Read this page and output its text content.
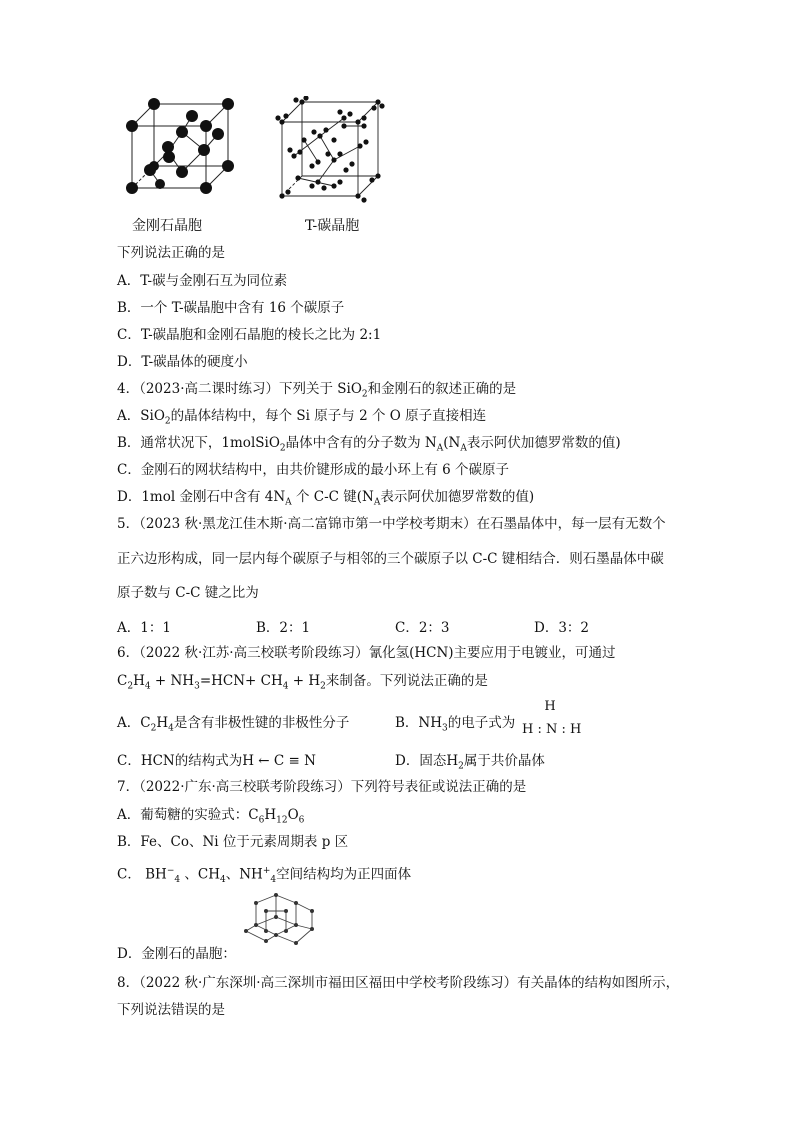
金刚石晶胞	T-碳晶胞
下列说法正确的是
A．T-碳与金刚石互为同位素
B．一个 T-碳晶胞中含有 16 个碳原子
C．T-碳晶胞和金刚石晶胞的棱长之比为 2:1
D．T-碳晶体的硬度小
4．（2023·高二课时练习）下列关于 SiO$_2$和金刚石的叙述正确的是
A．SiO$_2$的晶体结构中，每个 Si 原子与 2 个 O 原子直接相连
B．通常状况下，1molSiO$_2$晶体中含有的分子数为 $N_A(N_A$表示阿伏加德罗常数的值)
C．金刚石的网状结构中，由共价键形成的最小环上有 6 个碳原子
D．1mol 金刚石中含有 $4N_A$ 个 C-C 键($N_A$表示阿伏加德罗常数的值)
5．（2023 秋·黑龙江佳木斯·高二富锦市第一中学校考期末）在石墨晶体中，每一层有无数个
正六边形构成，同一层内每个碳原子与相邻的三个碳原子以 C-C 键相结合．则石墨晶体中碳
原子数与 C-C 键之比为
A．1：1	B．2：1	C．2：3	D．3：2
6．（2022 秋·江苏·高三校联考阶段练习）氰化氢(HCN)主要应用于电镀业，可通过
$C_2H_4 + NH_3=HCN+ CH_4 + H_2$来制备。下列说法正确的是
A．$C_2H_4$是含有非极性键的非极性分子	B．$NH_3$的电子式为
H
H : N : H
C．HCN的结构式为H ← C ≡ N	D．固态$H_2$属于共价晶体
7．（2022·广东·高三校联考阶段练习）下列符号表征或说法正确的是
A．葡萄糖的实验式：$C_6H_{12}O_6$
B．Fe、Co、Ni 位于元素周期表 p 区
C． $BH^-_4$ 、$CH_4$、$NH^+_4$空间结构均为正四面体
D．金刚石的晶胞：
8．（2022 秋·广东深圳·高三深圳市福田区福田中学校考阶段练习）有关晶体的结构如图所示，
下列说法错误的是
